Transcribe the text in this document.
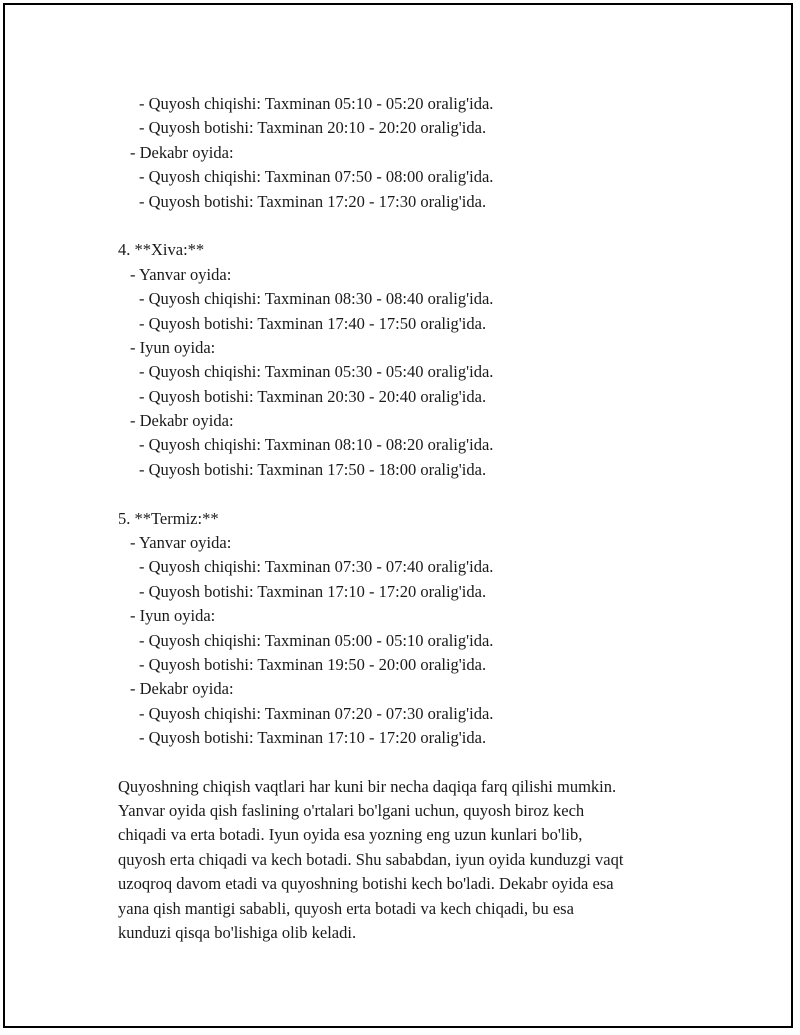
- Quyosh chiqishi: Taxminan 05:10 - 05:20 oralig'ida.
- Quyosh botishi: Taxminan 20:10 - 20:20 oralig'ida.
- Dekabr oyida:
- Quyosh chiqishi: Taxminan 07:50 - 08:00 oralig'ida.
- Quyosh botishi: Taxminan 17:20 - 17:30 oralig'ida.
4. **Xiva:**
- Yanvar oyida:
- Quyosh chiqishi: Taxminan 08:30 - 08:40 oralig'ida.
- Quyosh botishi: Taxminan 17:40 - 17:50 oralig'ida.
- Iyun oyida:
- Quyosh chiqishi: Taxminan 05:30 - 05:40 oralig'ida.
- Quyosh botishi: Taxminan 20:30 - 20:40 oralig'ida.
- Dekabr oyida:
- Quyosh chiqishi: Taxminan 08:10 - 08:20 oralig'ida.
- Quyosh botishi: Taxminan 17:50 - 18:00 oralig'ida.
5. **Termiz:**
- Yanvar oyida:
- Quyosh chiqishi: Taxminan 07:30 - 07:40 oralig'ida.
- Quyosh botishi: Taxminan 17:10 - 17:20 oralig'ida.
- Iyun oyida:
- Quyosh chiqishi: Taxminan 05:00 - 05:10 oralig'ida.
- Quyosh botishi: Taxminan 19:50 - 20:00 oralig'ida.
- Dekabr oyida:
- Quyosh chiqishi: Taxminan 07:20 - 07:30 oralig'ida.
- Quyosh botishi: Taxminan 17:10 - 17:20 oralig'ida.
Quyoshning chiqish vaqtlari har kuni bir necha daqiqa farq qilishi mumkin.
Yanvar oyida qish faslining o'rtalari bo'lgani uchun, quyosh biroz kech
chiqadi va erta botadi. Iyun oyida esa yozning eng uzun kunlari bo'lib,
quyosh erta chiqadi va kech botadi. Shu sababdan, iyun oyida kunduzgi vaqt
uzoqroq davom etadi va quyoshning botishi kech bo'ladi. Dekabr oyida esa
yana qish mantigi sababli, quyosh erta botadi va kech chiqadi, bu esa
kunduzi qisqa bo'lishiga olib keladi.
